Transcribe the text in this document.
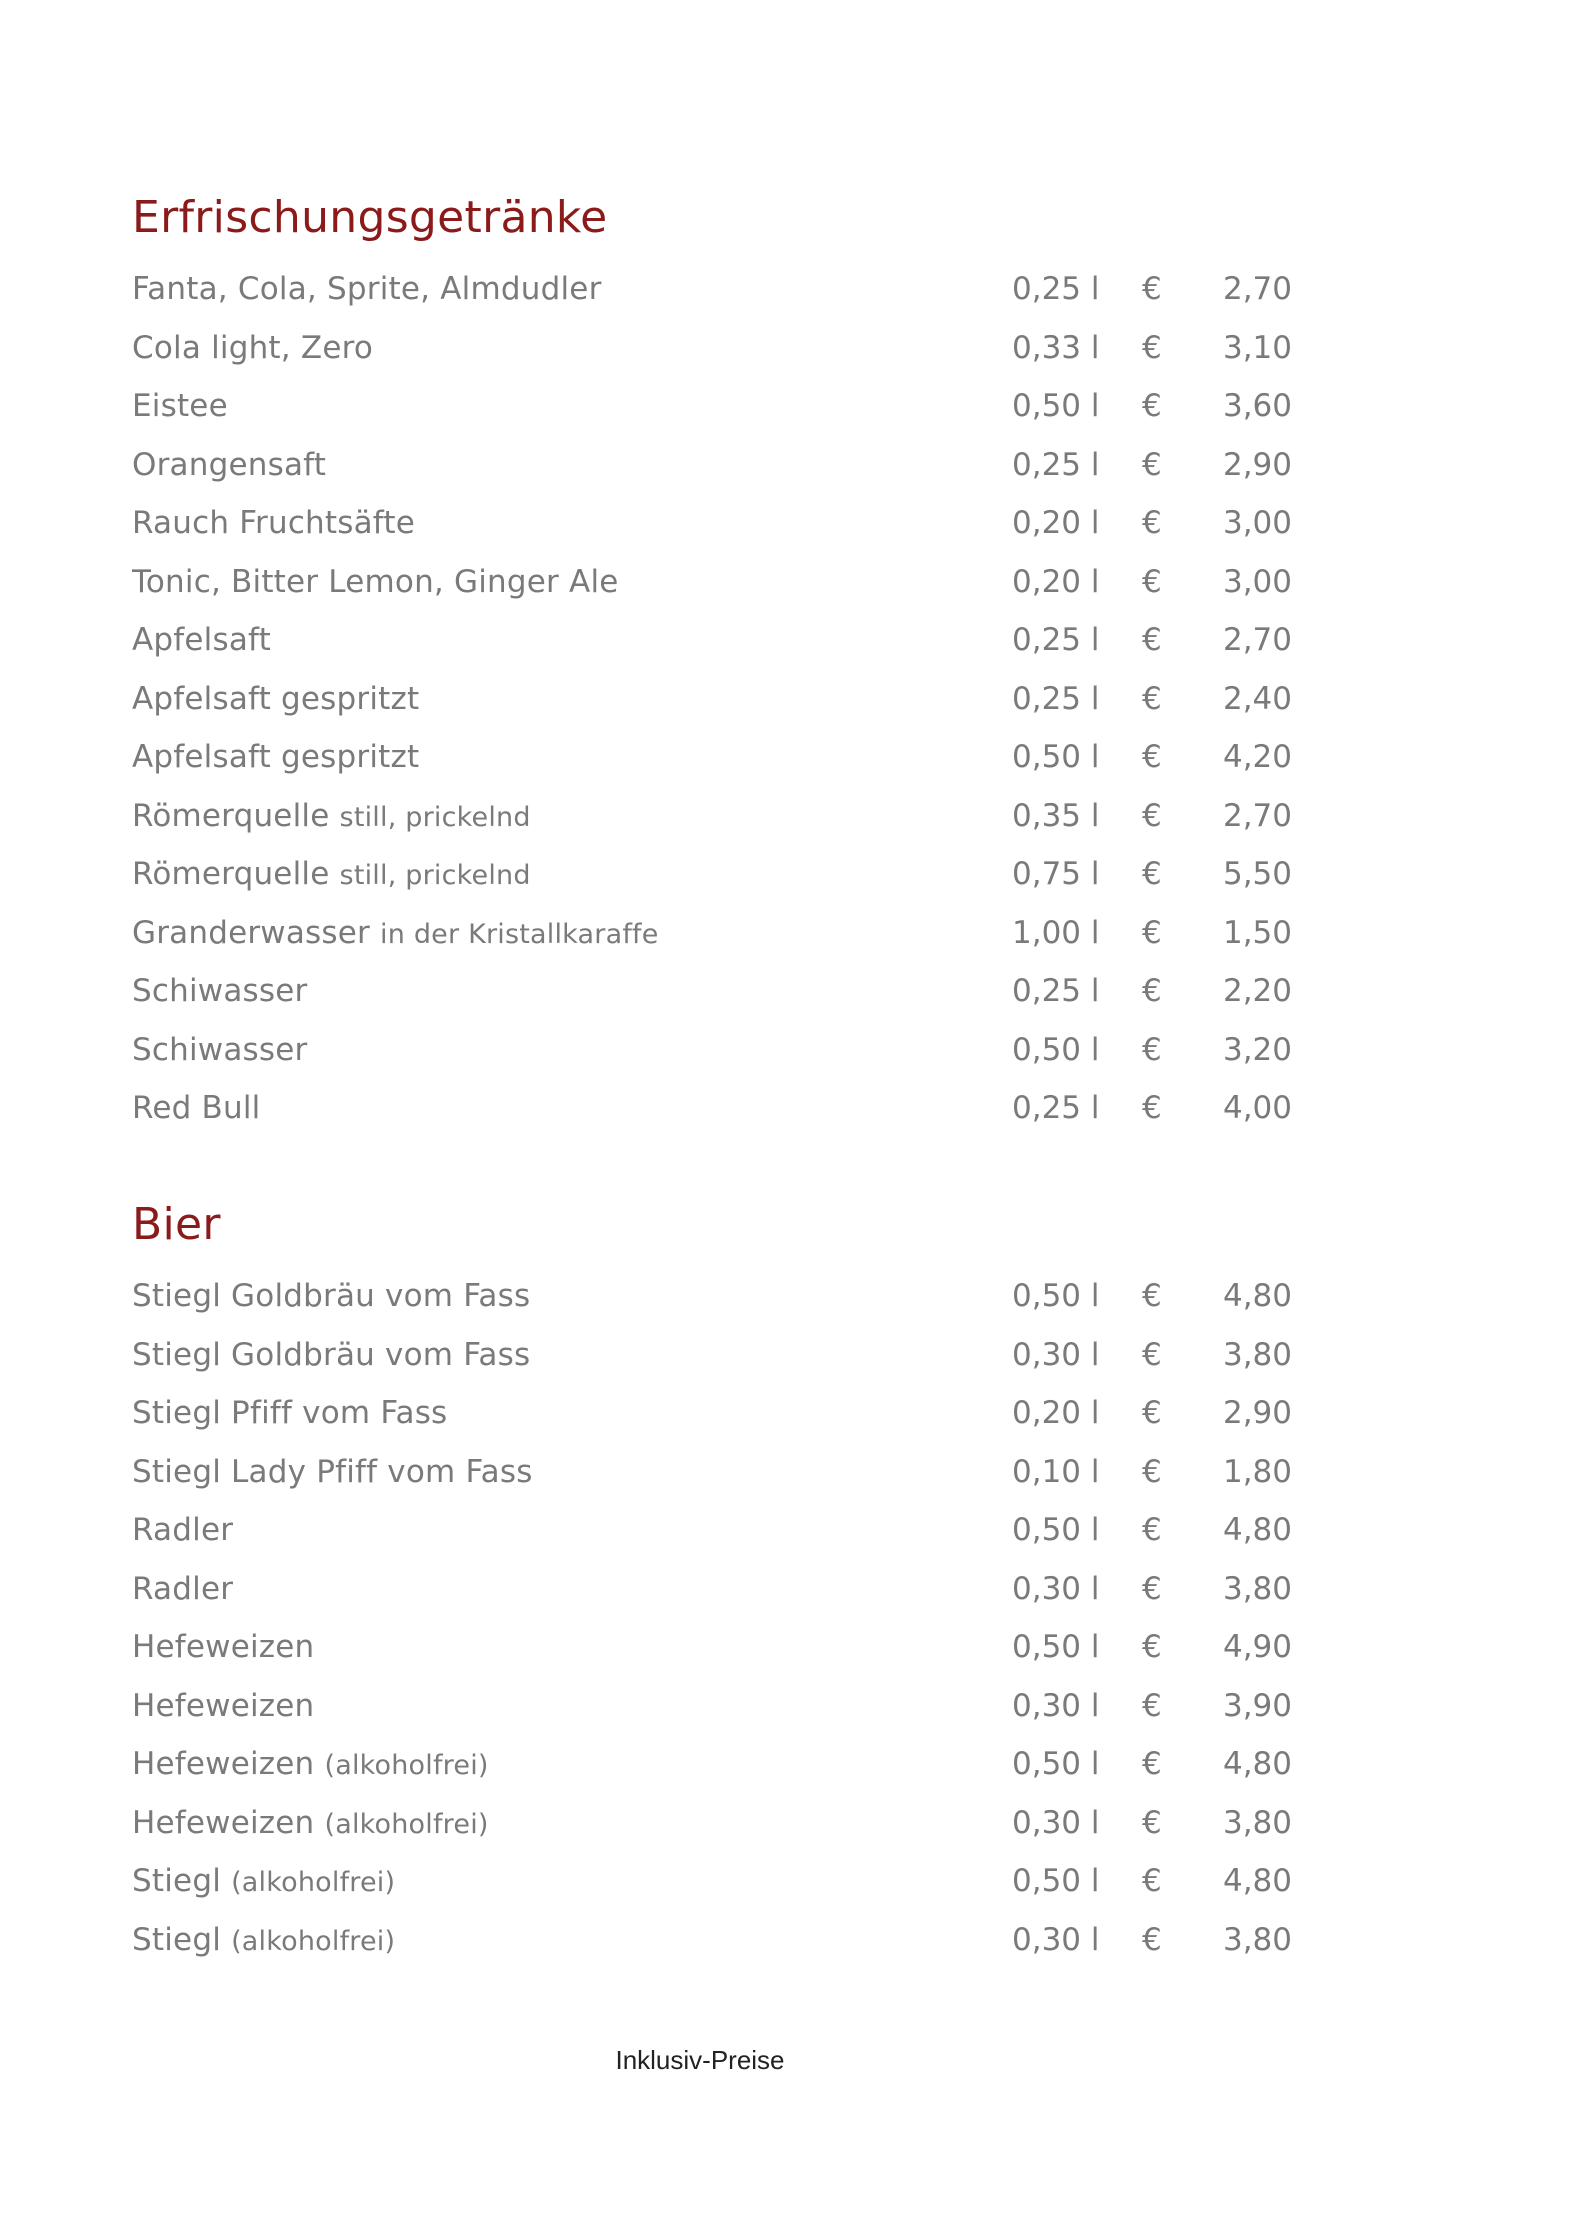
Erfrischungsgetränke
Fanta, Cola, Sprite, Almdudler	0,25 l	€	2,70
Cola light, Zero	0,33 l	€	3,10
Eistee	0,50 l	€	3,60
Orangensaft	0,25 l	€	2,90
Rauch Fruchtsäfte	0,20 l	€	3,00
Tonic, Bitter Lemon, Ginger Ale	0,20 l	€	3,00
Apfelsaft	0,25 l	€	2,70
Apfelsaft gespritzt	0,25 l	€	2,40
Apfelsaft gespritzt	0,50 l	€	4,20
Römerquelle still, prickelnd	0,35 l	€	2,70
Römerquelle still, prickelnd	0,75 l	€	5,50
Granderwasser in der Kristallkaraffe	1,00 l	€	1,50
Schiwasser	0,25 l	€	2,20
Schiwasser	0,50 l	€	3,20
Red Bull	0,25 l	€	4,00
Bier
Stiegl Goldbräu vom Fass	0,50 l	€	4,80
Stiegl Goldbräu vom Fass	0,30 l	€	3,80
Stiegl Pfiff vom Fass	0,20 l	€	2,90
Stiegl Lady Pfiff vom Fass	0,10 l	€	1,80
Radler	0,50 l	€	4,80
Radler	0,30 l	€	3,80
Hefeweizen	0,50 l	€	4,90
Hefeweizen	0,30 l	€	3,90
Hefeweizen (alkoholfrei)	0,50 l	€	4,80
Hefeweizen (alkoholfrei)	0,30 l	€	3,80
Stiegl (alkoholfrei)	0,50 l	€	4,80
Stiegl (alkoholfrei)	0,30 l	€	3,80
Inklusiv-Preise
